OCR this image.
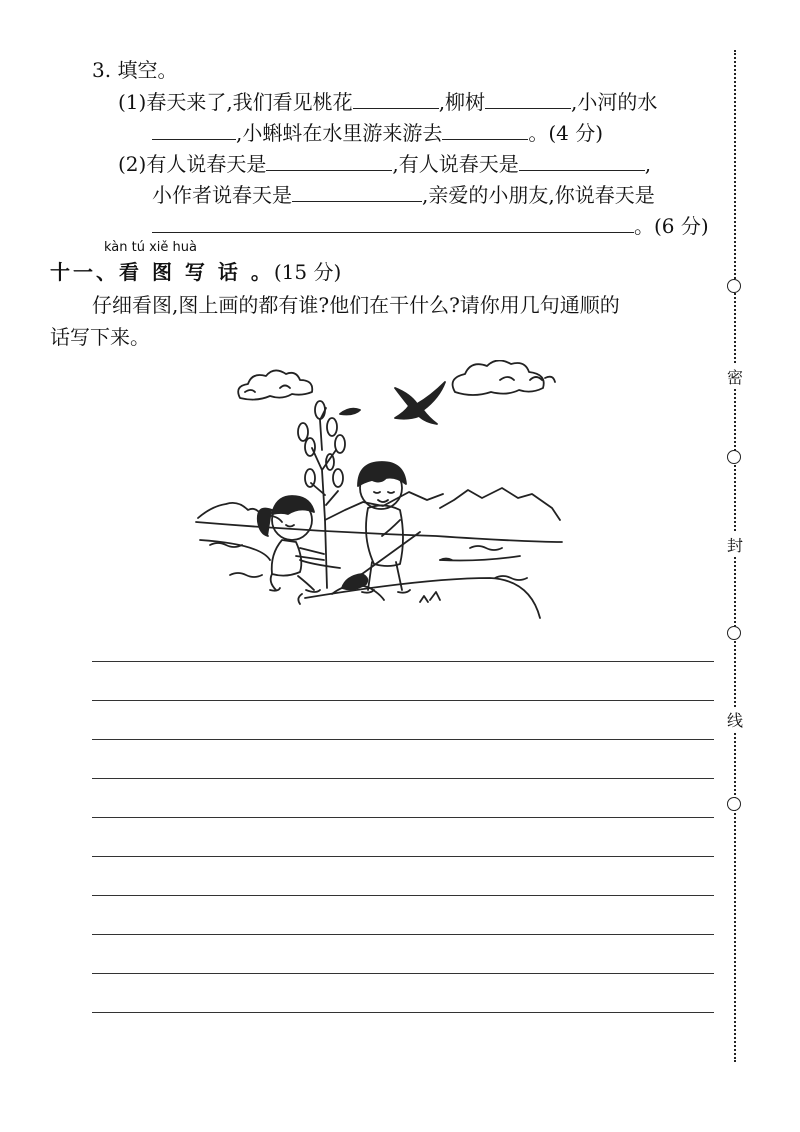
3. 填空。
(1)春天来了,我们看见桃花	,柳树	,小河的水
,小蝌蚪在水里游来游去	。(4 分)
(2)有人说春天是	,有人说春天是	,
小作者说春天是	,亲爱的小朋友,你说春天是
。(6 分)
kàn tú xiě huà
十一、看 图 写 话 。(15 分)
仔细看图,图上画的都有谁?他们在干什么?请你用几句通顺的
话写下来。
密
封
线
